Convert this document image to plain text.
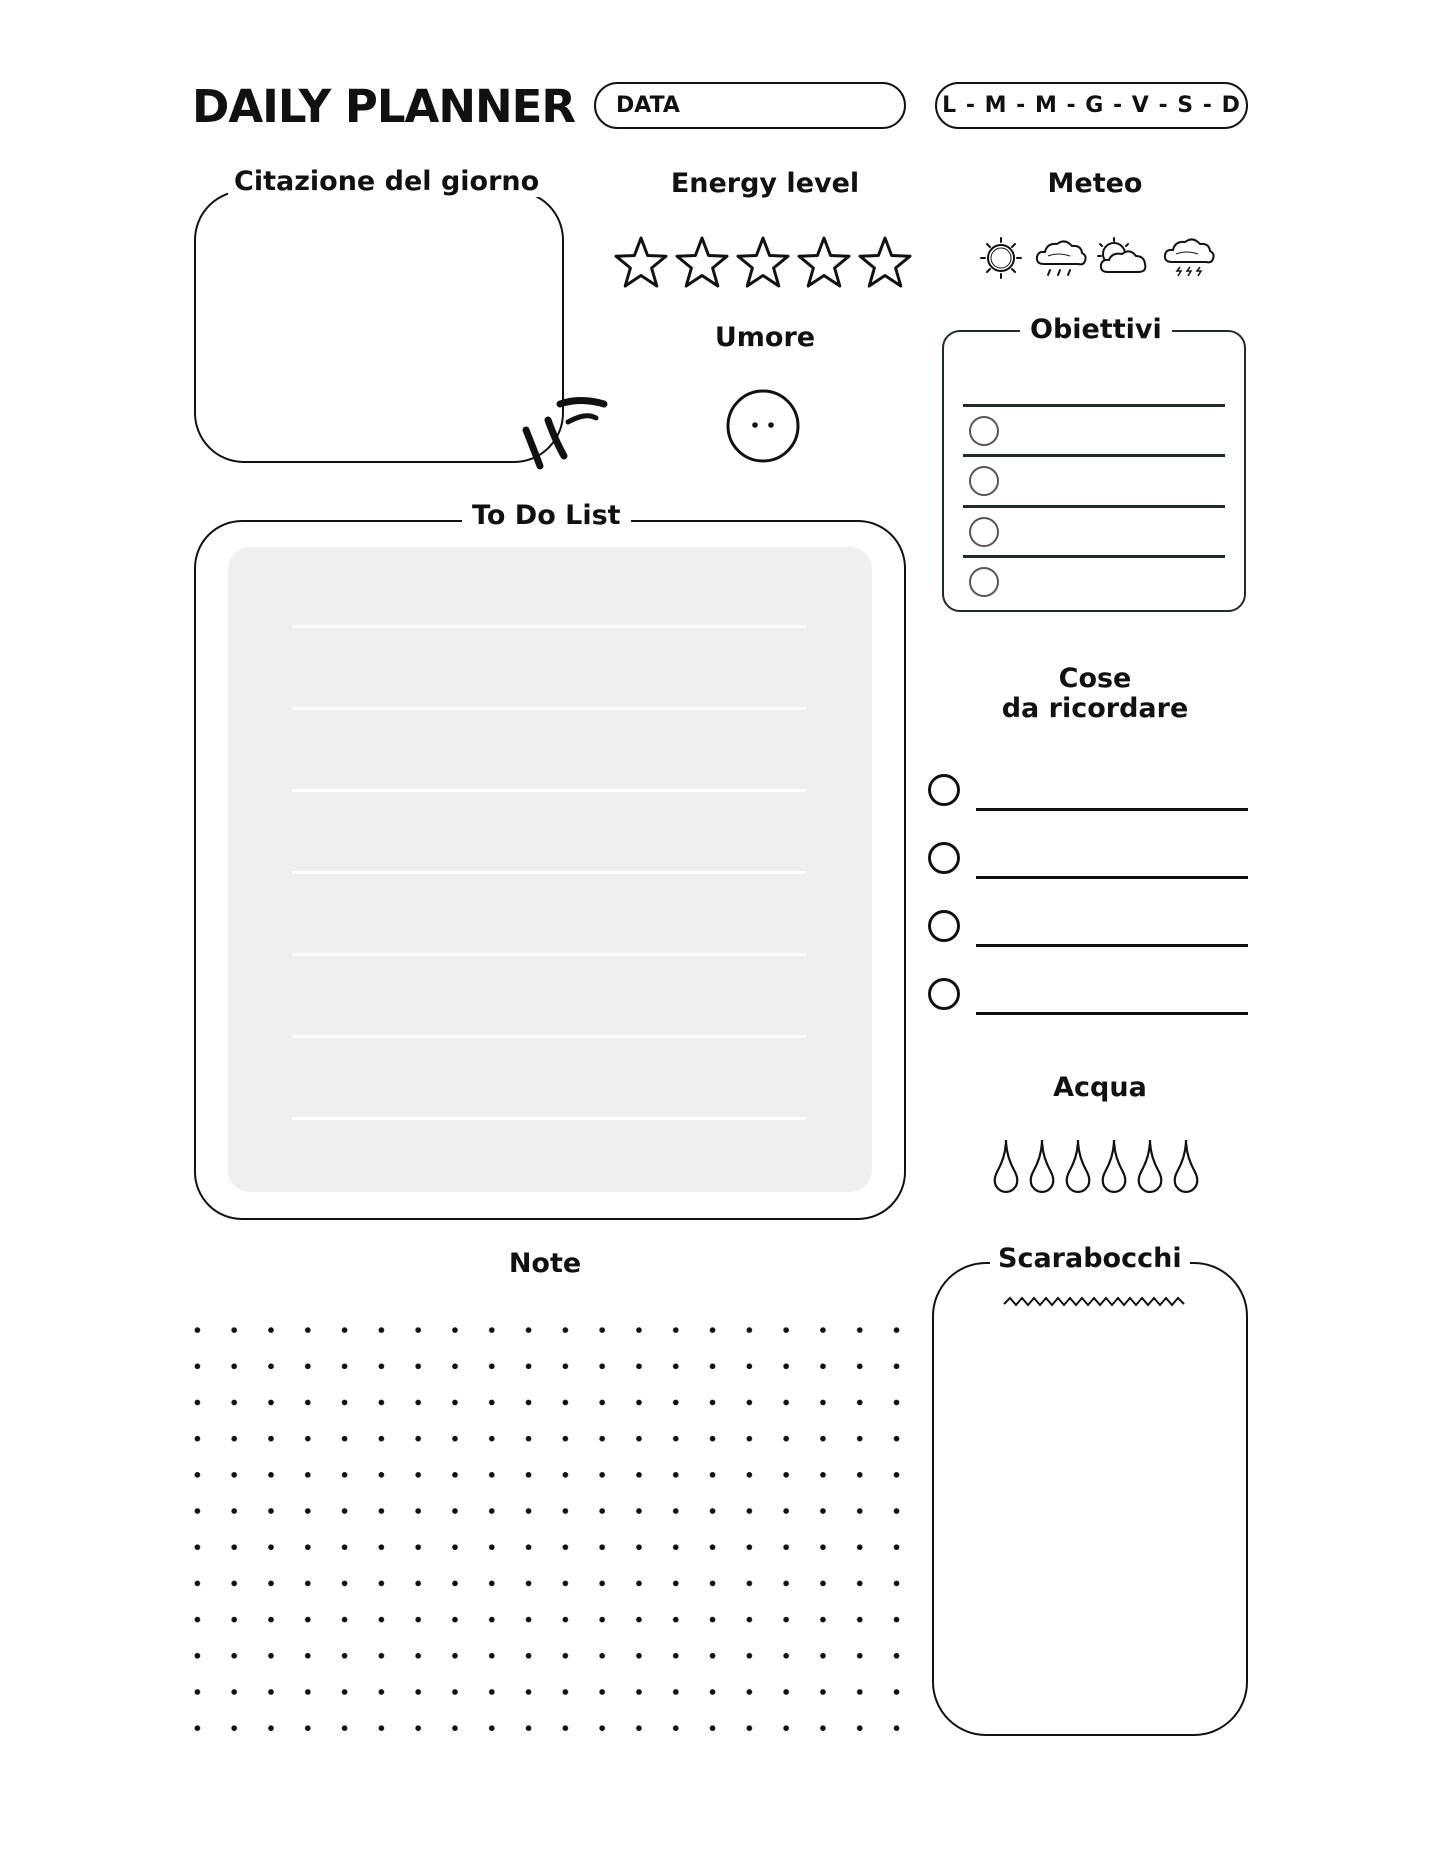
DAILY PLANNER DATA	L - M - M - G - V - S - D
Citazione del giorno	Energy level	Meteo
Umore	Obiettivi
To Do List
Cose
da ricordare
Acqua
Note	Scarabocchi
